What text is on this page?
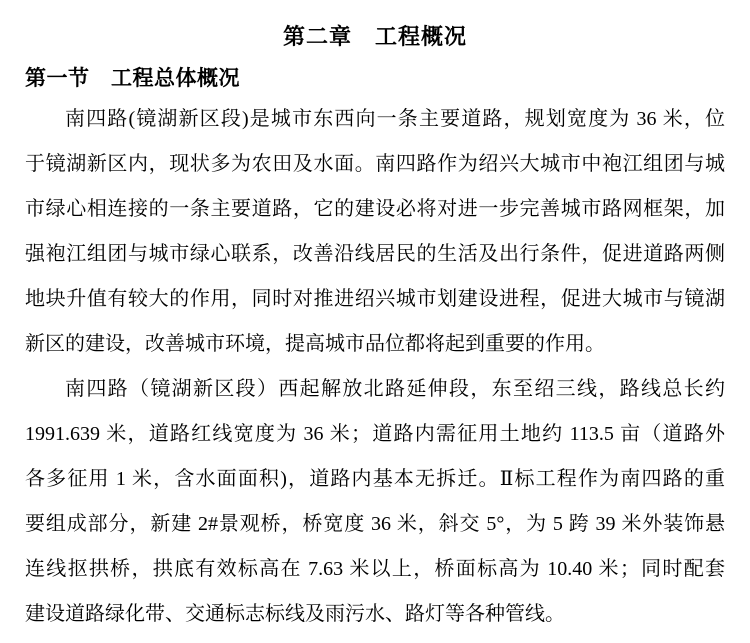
第二章　工程概况
第一节　工程总体概况
南四路(镜湖新区段)是城市东西向一条主要道路，规划宽度为 36 米，位
于镜湖新区内，现状多为农田及水面。南四路作为绍兴大城市中袍江组团与城
市绿心相连接的一条主要道路，它的建设必将对进一步完善城市路网框架，加
强袍江组团与城市绿心联系，改善沿线居民的生活及出行条件，促进道路两侧
地块升值有较大的作用，同时对推进绍兴城市划建设进程，促进大城市与镜湖
新区的建设，改善城市环境，提高城市品位都将起到重要的作用。
南四路（镜湖新区段）西起解放北路延伸段，东至绍三线，路线总长约
1991.639 米，道路红线宽度为 36 米；道路内需征用土地约 113.5 亩（道路外
各多征用 1 米，含水面面积)，道路内基本无拆迁。Ⅱ标工程作为南四路的重
要组成部分，新建 2#景观桥，桥宽度 36 米，斜交 5°，为 5 跨 39 米外装饰悬
连线抠拱桥，拱底有效标高在 7.63 米以上，桥面标高为 10.40 米；同时配套
建设道路绿化带、交通标志标线及雨污水、路灯等各种管线。
